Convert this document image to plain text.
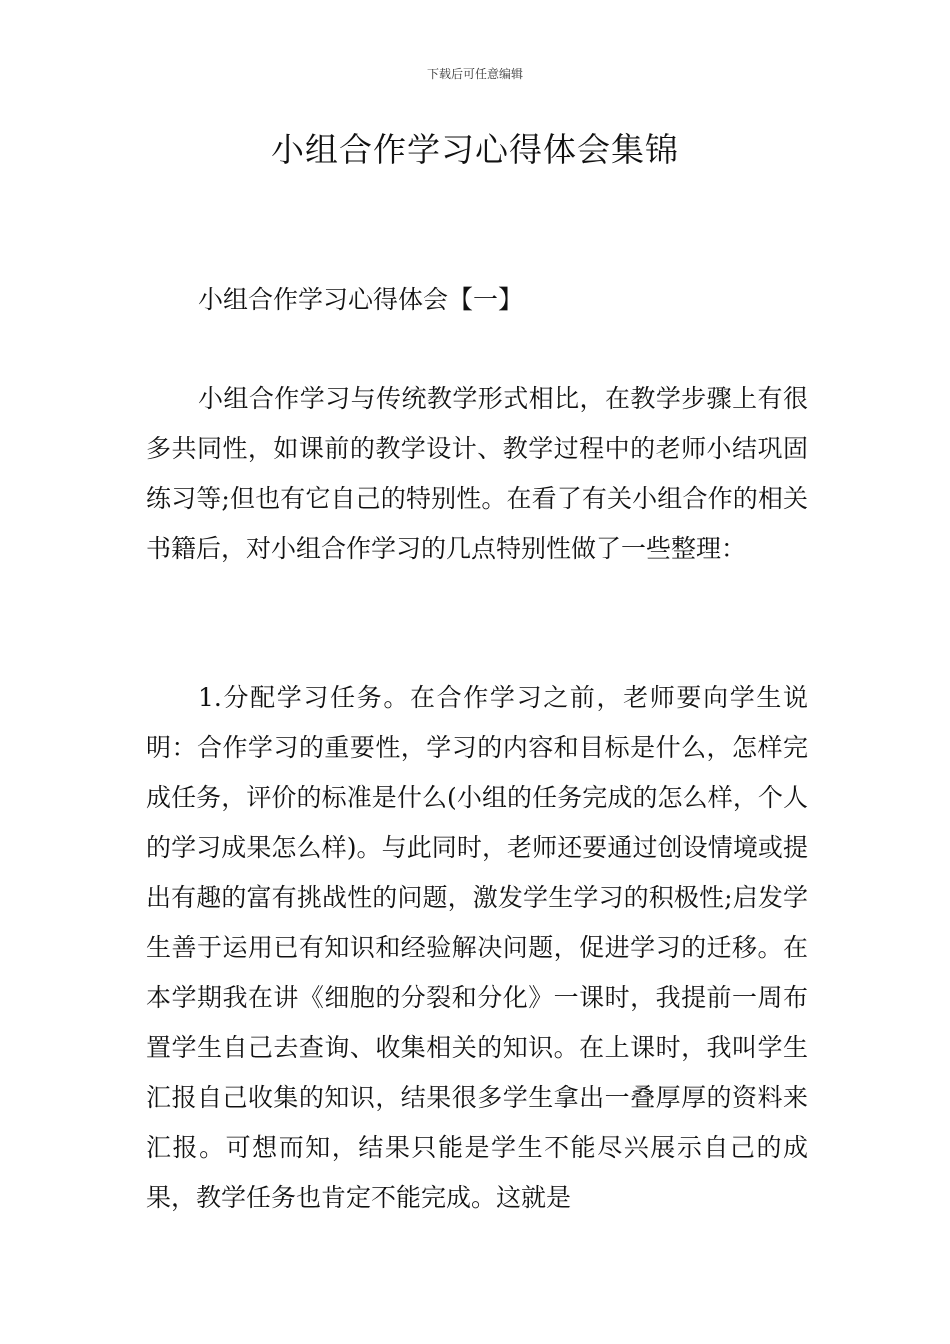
下载后可任意编辑
小组合作学习心得体会集锦
小组合作学习心得体会【一】

小组合作学习与传统教学形式相比，在教学步骤上有很多共同性，如课前的教学设计、教学过程中的老师小结巩固练习等;但也有它自己的特别性。在看了有关小组合作的相关书籍后，对小组合作学习的几点特别性做了一些整理：

1.分配学习任务。在合作学习之前，老师要向学生说明：合作学习的重要性，学习的内容和目标是什么，怎样完成任务，评价的标准是什么(小组的任务完成的怎么样，个人的学习成果怎么样)。与此同时，老师还要通过创设情境或提出有趣的富有挑战性的问题，激发学生学习的积极性;启发学生善于运用已有知识和经验解决问题，促进学习的迁移。在本学期我在讲《细胞的分裂和分化》一课时，我提前一周布置学生自己去查询、收集相关的知识。在上课时，我叫学生汇报自己收集的知识，结果很多学生拿出一叠厚厚的资料来汇报。可想而知，结果只能是学生不能尽兴展示自己的成果，教学任务也肯定不能完成。这就是
